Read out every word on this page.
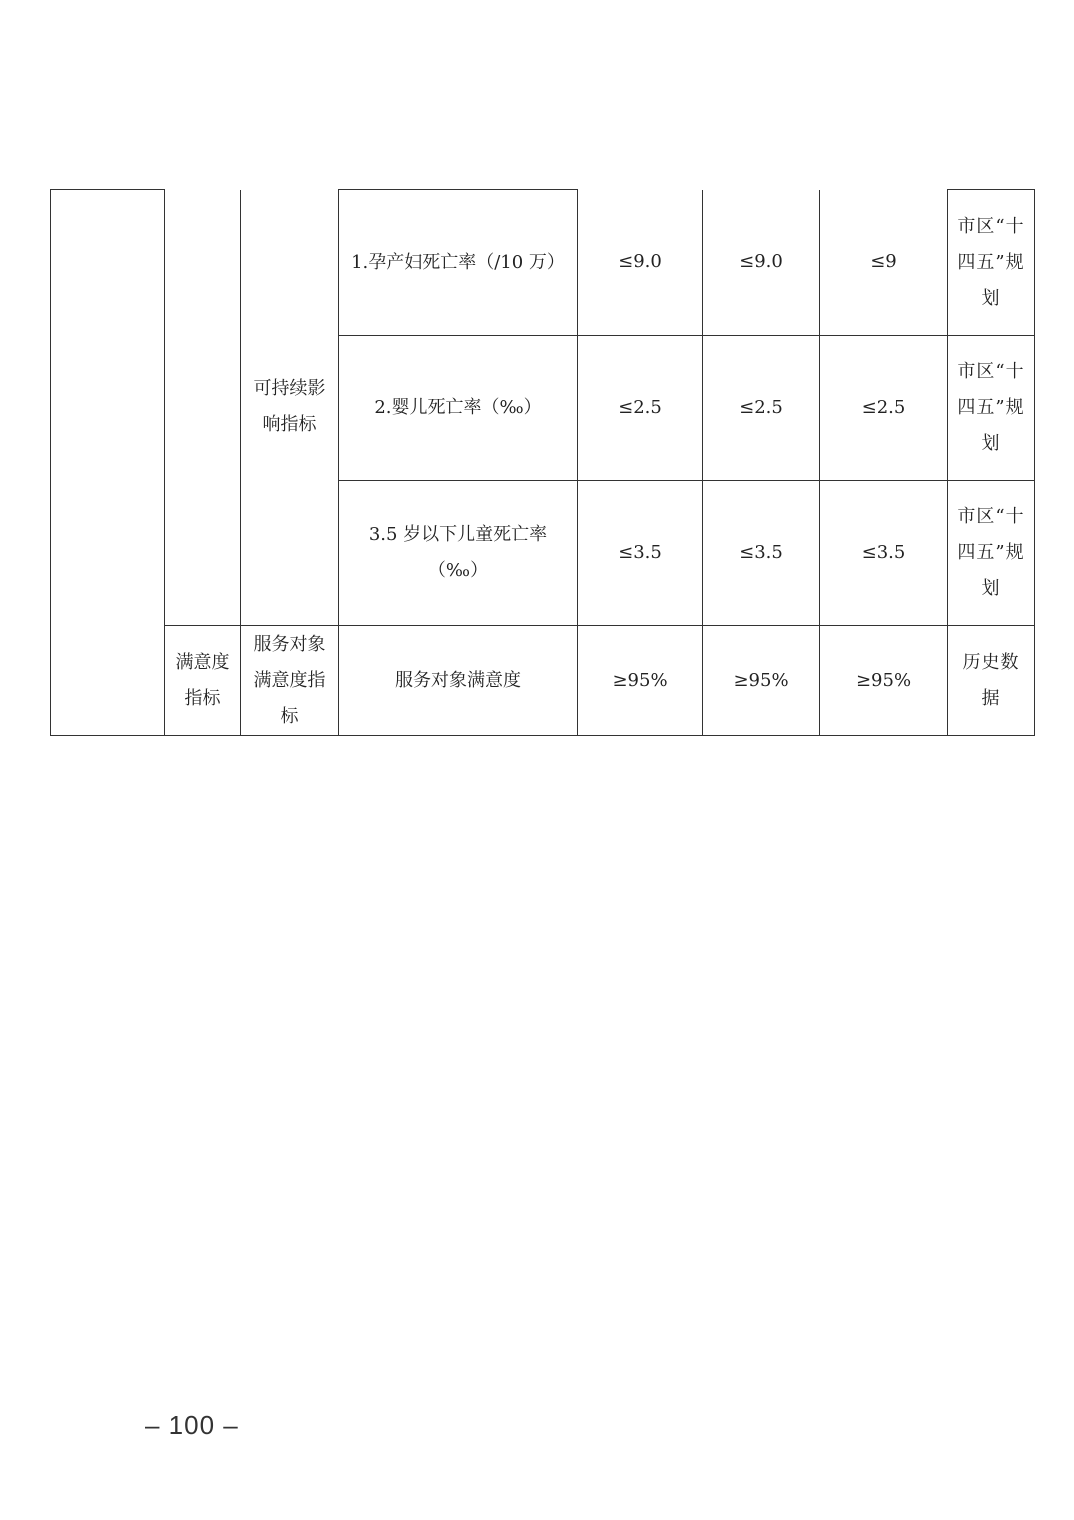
		可持续影响指标	1.孕产妇死亡率（/10 万）	≤9.0	≤9.0	≤9	市区“十四五”规划
			2.婴儿死亡率（‰）	≤2.5	≤2.5	≤2.5	市区“十四五”规划
			3.5 岁以下儿童死亡率（‰）	≤3.5	≤3.5	≤3.5	市区“十四五”规划
	满意度指标	服务对象满意度指标	服务对象满意度	≥95%	≥95%	≥95%	历史数据
– 100 –
